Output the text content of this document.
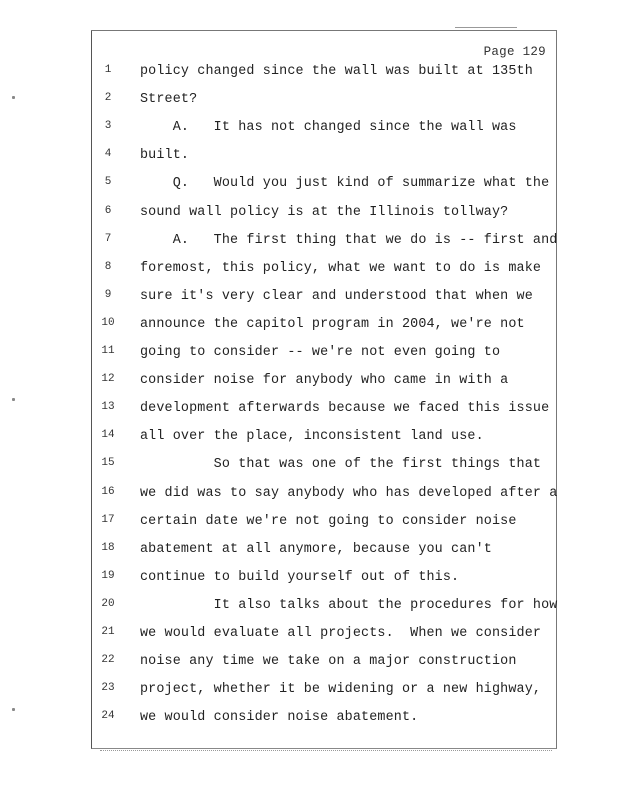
Page 129
1	policy changed since the wall was built at 135th
2	Street?
3	A.   It has not changed since the wall was
4	built.
5	Q.   Would you just kind of summarize what the
6	sound wall policy is at the Illinois tollway?
7	A.   The first thing that we do is -- first and
8	foremost, this policy, what we want to do is make
9	sure it's very clear and understood that when we
10	announce the capitol program in 2004, we're not
11	going to consider -- we're not even going to
12	consider noise for anybody who came in with a
13	development afterwards because we faced this issue
14	all over the place, inconsistent land use.
15	So that was one of the first things that
16	we did was to say anybody who has developed after a
17	certain date we're not going to consider noise
18	abatement at all anymore, because you can't
19	continue to build yourself out of this.
20	It also talks about the procedures for how
21	we would evaluate all projects.  When we consider
22	noise any time we take on a major construction
23	project, whether it be widening or a new highway,
24	we would consider noise abatement.
